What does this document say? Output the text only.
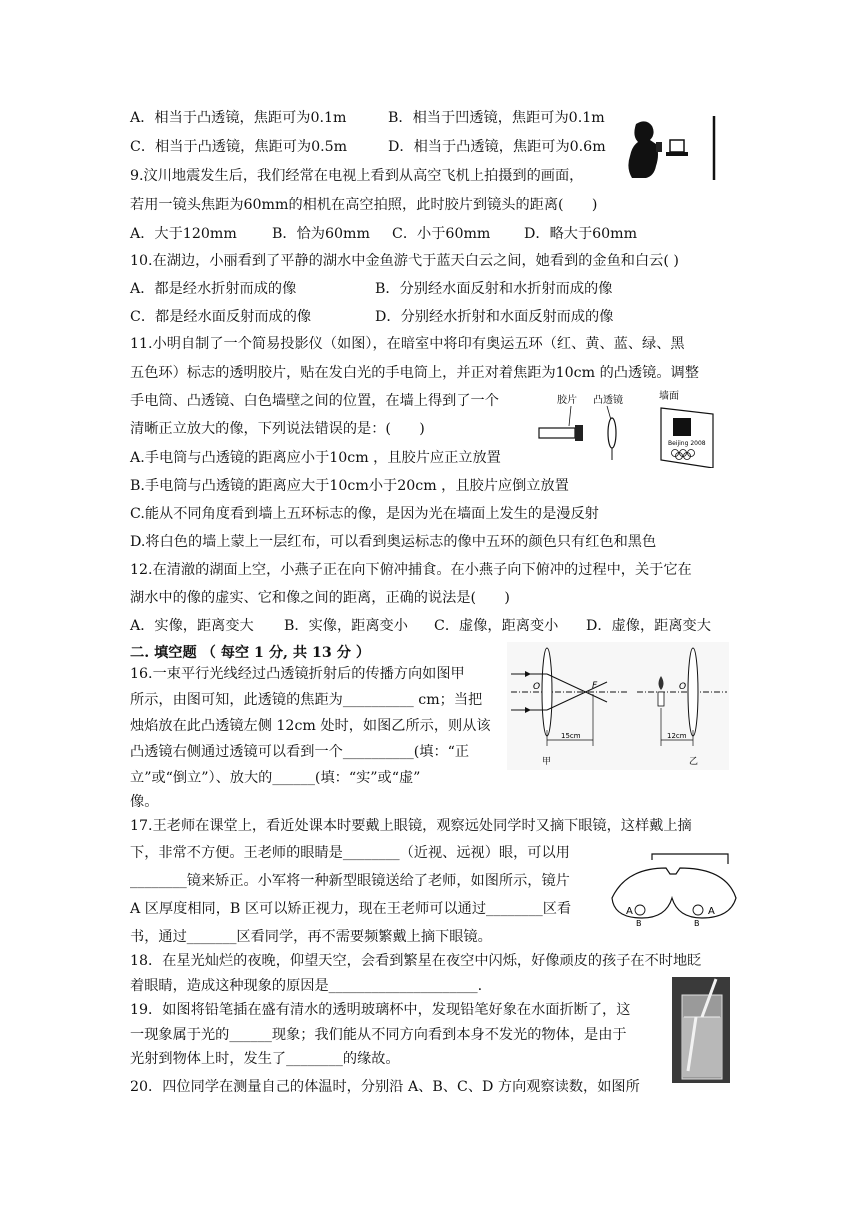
A．相当于凸透镜，焦距可为0.1m	B．相当于凹透镜，焦距可为0.1m
C．相当于凸透镜，焦距可为0.5m	D．相当于凸透镜，焦距可为0.6m
9.汶川地震发生后，我们经常在电视上看到从高空飞机上拍摄到的画面，
若用一镜头焦距为60mm的相机在高空拍照，此时胶片到镜头的距离(　　)
A．大于120mm B．恰为60mm C．小于60mm D．略大于60mm
10.在湖边，小丽看到了平静的湖水中金鱼游弋于蓝天白云之间，她看到的金鱼和白云( )
A．都是经水折射而成的像	B．分别经水面反射和水折射而成的像
C．都是经水面反射而成的像	D．分别经水折射和水面反射而成的像
11.小明自制了一个简易投影仪（如图），在暗室中将印有奥运五环（红、黄、蓝、绿、黑
五色环）标志的透明胶片，贴在发白光的手电筒上，并正对着焦距为10cm 的凸透镜。调整
手电筒、凸透镜、白色墙壁之间的位置，在墙上得到了一个
清晰正立放大的像，下列说法错误的是：(　　)
胶片 凸透镜	墙面
Beijing 2008
A.手电筒与凸透镜的距离应小于10cm ，且胶片应正立放置
B.手电筒与凸透镜的距离应大于10cm小于20cm ，且胶片应倒立放置
C.能从不同角度看到墙上五环标志的像，是因为光在墙面上发生的是漫反射
D.将白色的墙上蒙上一层红布，可以看到奥运标志的像中五环的颜色只有红色和黑色
12.在清澈的湖面上空，小燕子正在向下俯冲捕食。在小燕子向下俯冲的过程中，关于它在
湖水中的像的虚实、它和像之间的距离，正确的说法是(　　)
A．实像，距离变大 B．实像，距离变小 C．虚像，距离变小 D．虚像，距离变大
二. 填空题 （ 每空 1 分, 共 13 分 ）
16.一束平行光线经过凸透镜折射后的传播方向如图甲
所示，由图可知，此透镜的焦距为__________ cm；当把
烛焰放在此凸透镜左侧 12cm 处时，如图乙所示，则从该
凸透镜右侧通过透镜可以看到一个__________(填：“正
立”或“倒立”）、放大的______(填：“实”或“虚”
像。
O	F
15cm
甲
O
12cm
乙
17.王老师在课堂上，看近处课本时要戴上眼镜，观察远处同学时又摘下眼镜，这样戴上摘
下，非常不方便。王老师的眼睛是________（近视、远视）眼，可以用
________镜来矫正。小军将一种新型眼镜送给了老师，如图所示，镜片
A 区厚度相同，B 区可以矫正视力，现在王老师可以通过________区看
书，通过_______区看同学，再不需要频繁戴上摘下眼镜。
A	A
B	B
18．在星光灿烂的夜晚，仰望天空，会看到繁星在夜空中闪烁，好像顽皮的孩子在不时地眨
着眼睛，造成这种现象的原因是_____________________.
19．如图将铅笔插在盛有清水的透明玻璃杯中，发现铅笔好象在水面折断了，这
一现象属于光的______现象；我们能从不同方向看到本身不发光的物体，是由于
光射到物体上时，发生了________的缘故。
20．四位同学在测量自己的体温时，分别沿 A、B、C、D 方向观察读数，如图所
